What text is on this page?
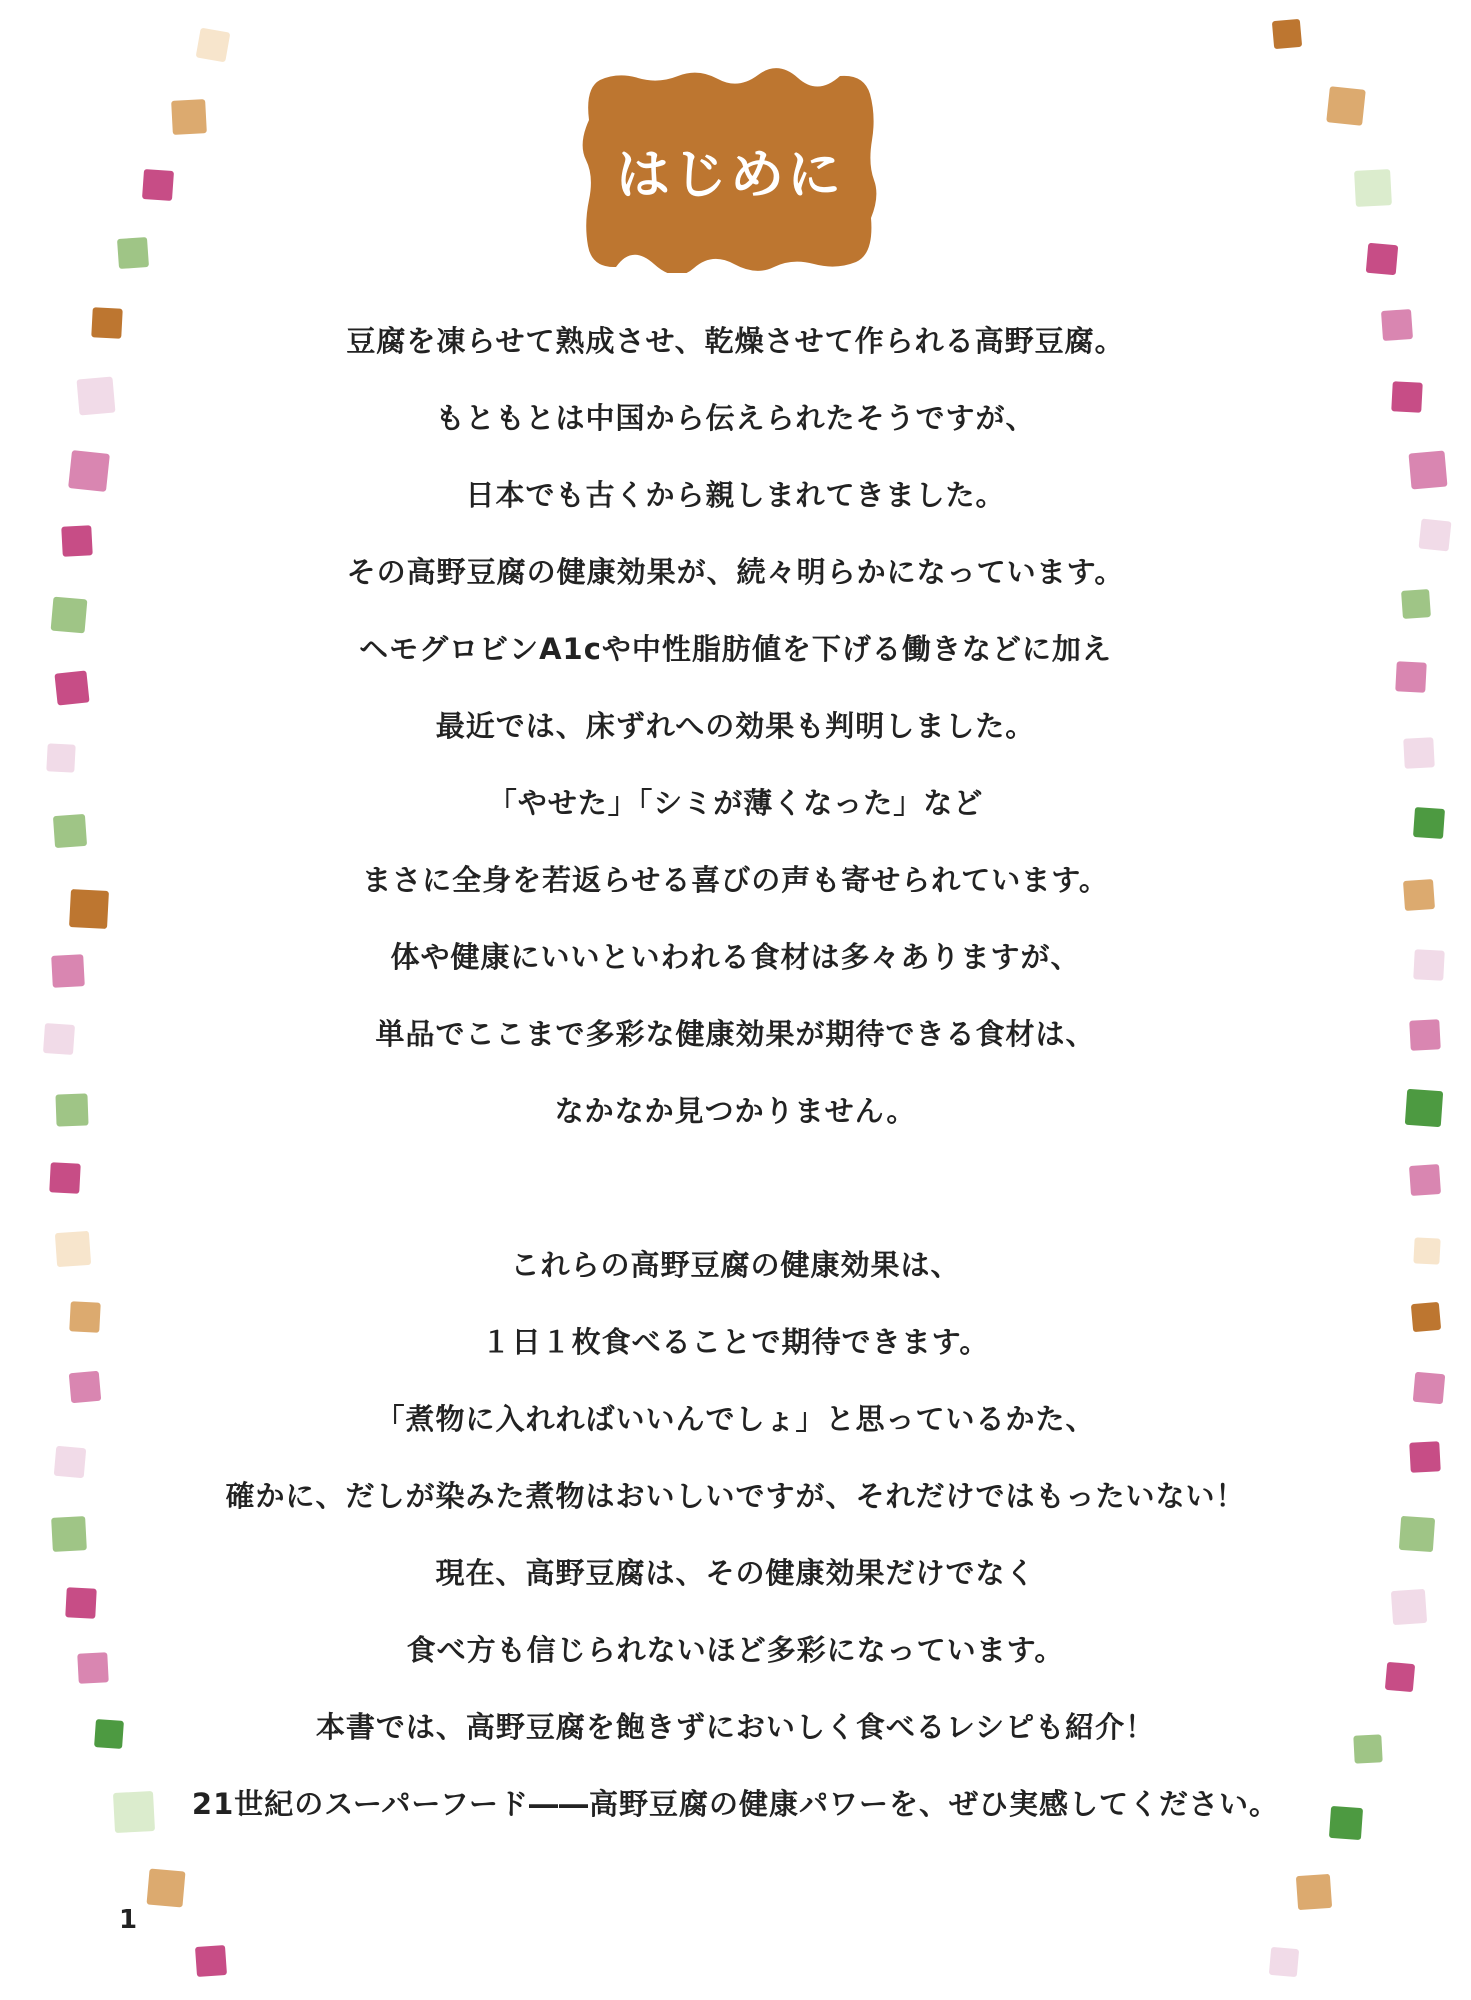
はじめに
豆腐を凍らせて熟成させ、乾燥させて作られる高野豆腐。
もともとは中国から伝えられたそうですが、
日本でも古くから親しまれてきました。
その高野豆腐の健康効果が、続々明らかになっています。
ヘモグロビンA1cや中性脂肪値を下げる働きなどに加え
最近では、床ずれへの効果も判明しました。
「やせた」「シミが薄くなった」など
まさに全身を若返らせる喜びの声も寄せられています。
体や健康にいいといわれる食材は多々ありますが、
単品でここまで多彩な健康効果が期待できる食材は、
なかなか見つかりません。
これらの高野豆腐の健康効果は、
１日１枚食べることで期待できます。
「煮物に入れればいいんでしょ」と思っているかた、
確かに、だしが染みた煮物はおいしいですが、それだけではもったいない！
現在、高野豆腐は、その健康効果だけでなく
食べ方も信じられないほど多彩になっています。
本書では、高野豆腐を飽きずにおいしく食べるレシピも紹介！
21世紀のスーパーフード――高野豆腐の健康パワーを、ぜひ実感してください。
1
